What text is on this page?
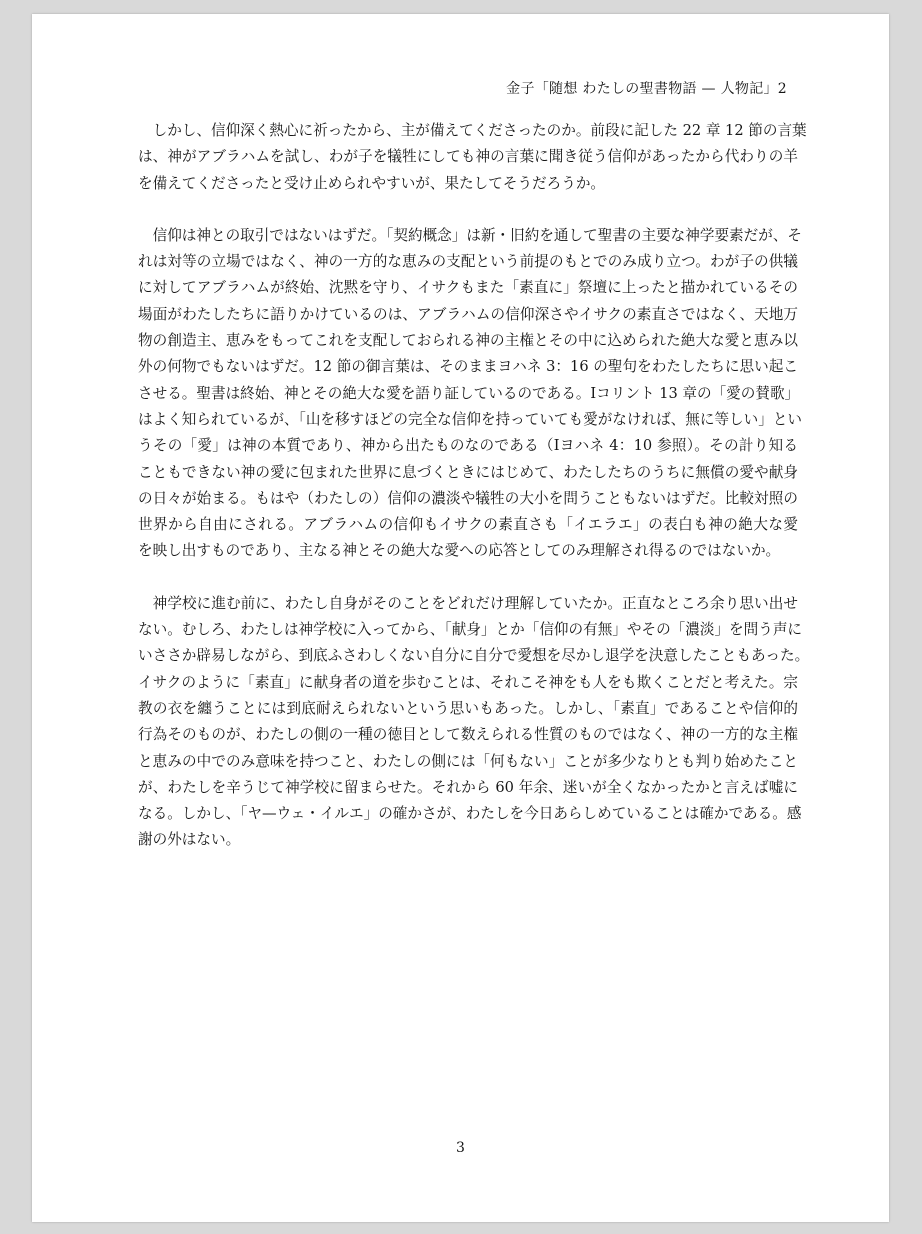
金子「随想 わたしの聖書物語 — 人物記」2
　しかし、信仰深く熱心に祈ったから、主が備えてくださったのか。前段に記した 22 章 12 節の言葉
は、神がアブラハムを試し、わが子を犠牲にしても神の言葉に聞き従う信仰があったから代わりの羊
を備えてくださったと受け止められやすいが、果たしてそうだろうか。
　信仰は神との取引ではないはずだ。「契約概念」は新・旧約を通して聖書の主要な神学要素だが、そ
れは対等の立場ではなく、神の一方的な恵みの支配という前提のもとでのみ成り立つ。わが子の供犠
に対してアブラハムが終始、沈黙を守り、イサクもまた「素直に」祭壇に上ったと描かれているその
場面がわたしたちに語りかけているのは、アブラハムの信仰深さやイサクの素直さではなく、天地万
物の創造主、恵みをもってこれを支配しておられる神の主権とその中に込められた絶大な愛と恵み以
外の何物でもないはずだ。12 節の御言葉は、そのままヨハネ 3：16 の聖句をわたしたちに思い起こ
させる。聖書は終始、神とその絶大な愛を語り証しているのである。Ⅰコリント 13 章の「愛の賛歌」
はよく知られているが、「山を移すほどの完全な信仰を持っていても愛がなければ、無に等しい」とい
うその「愛」は神の本質であり、神から出たものなのである（Ⅰヨハネ 4：10 参照）。その計り知る
こともできない神の愛に包まれた世界に息づくときにはじめて、わたしたちのうちに無償の愛や献身
の日々が始まる。もはや（わたしの）信仰の濃淡や犠牲の大小を問うこともないはずだ。比較対照の
世界から自由にされる。アブラハムの信仰もイサクの素直さも「イエラエ」の表白も神の絶大な愛
を映し出すものであり、主なる神とその絶大な愛への応答としてのみ理解され得るのではないか。
　神学校に進む前に、わたし自身がそのことをどれだけ理解していたか。正直なところ余り思い出せ
ない。むしろ、わたしは神学校に入ってから、「献身」とか「信仰の有無」やその「濃淡」を問う声に
いささか辟易しながら、到底ふさわしくない自分に自分で愛想を尽かし退学を決意したこともあった。
イサクのように「素直」に献身者の道を歩むことは、それこそ神をも人をも欺くことだと考えた。宗
教の衣を纏うことには到底耐えられないという思いもあった。しかし、「素直」であることや信仰的
行為そのものが、わたしの側の一種の徳目として数えられる性質のものではなく、神の一方的な主権
と恵みの中でのみ意味を持つこと、わたしの側には「何もない」ことが多少なりとも判り始めたこと
が、わたしを辛うじて神学校に留まらせた。それから 60 年余、迷いが全くなかったかと言えば嘘に
なる。しかし、「ヤ—ウェ・イルエ」の確かさが、わたしを今日あらしめていることは確かである。感
謝の外はない。
3
